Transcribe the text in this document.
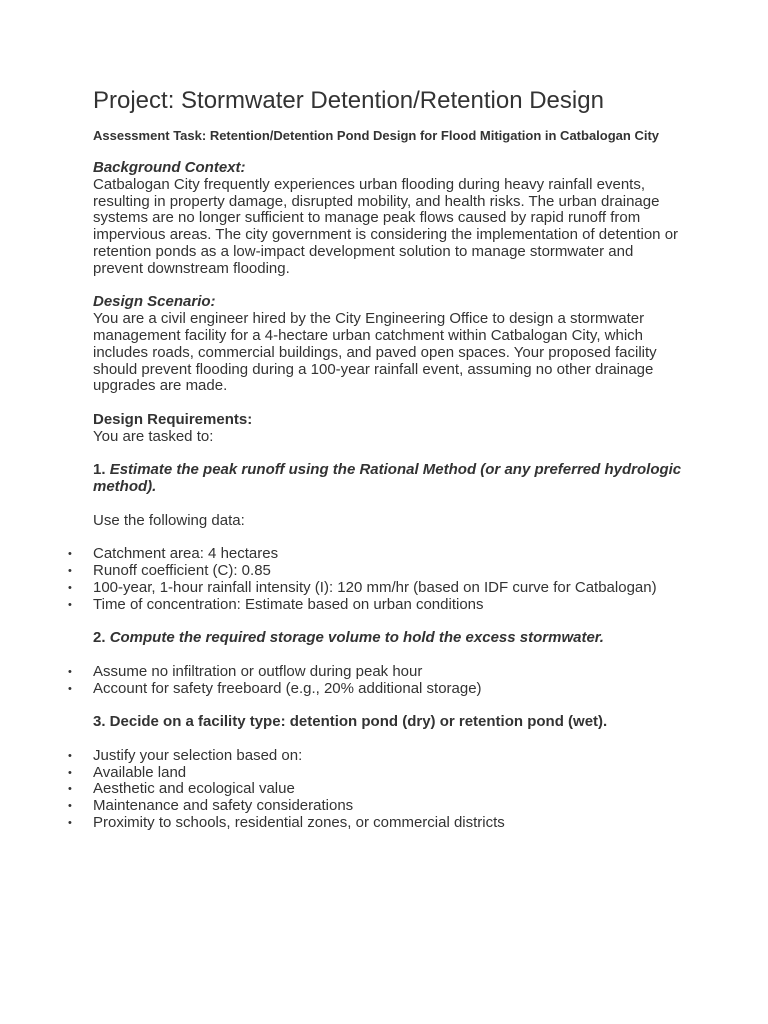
Project: Stormwater Detention/Retention Design
Assessment Task: Retention/Detention Pond Design for Flood Mitigation in Catbalogan City

Background Context:

Catbalogan City frequently experiences urban flooding during heavy rainfall events, resulting in property damage, disrupted mobility, and health risks. The urban drainage systems are no longer sufficient to manage peak flows caused by rapid runoff from impervious areas. The city government is considering the implementation of detention or retention ponds as a low-impact development solution to manage stormwater and prevent downstream flooding.

Design Scenario:

You are a civil engineer hired by the City Engineering Office to design a stormwater management facility for a 4-hectare urban catchment within Catbalogan City, which includes roads, commercial buildings, and paved open spaces. Your proposed facility should prevent flooding during a 100-year rainfall event, assuming no other drainage upgrades are made.

Design Requirements:

You are tasked to:

1. Estimate the peak runoff using the Rational Method (or any preferred hydrologic method).

Use the following data:

• Catchment area: 4 hectares
• Runoff coefficient (C): 0.85
• 100-year, 1-hour rainfall intensity (I): 120 mm/hr (based on IDF curve for Catbalogan)
• Time of concentration: Estimate based on urban conditions

2. Compute the required storage volume to hold the excess stormwater.

• Assume no infiltration or outflow during peak hour
• Account for safety freeboard (e.g., 20% additional storage)

3. Decide on a facility type: detention pond (dry) or retention pond (wet).

• Justify your selection based on:
• Available land
• Aesthetic and ecological value
• Maintenance and safety considerations
• Proximity to schools, residential zones, or commercial districts
